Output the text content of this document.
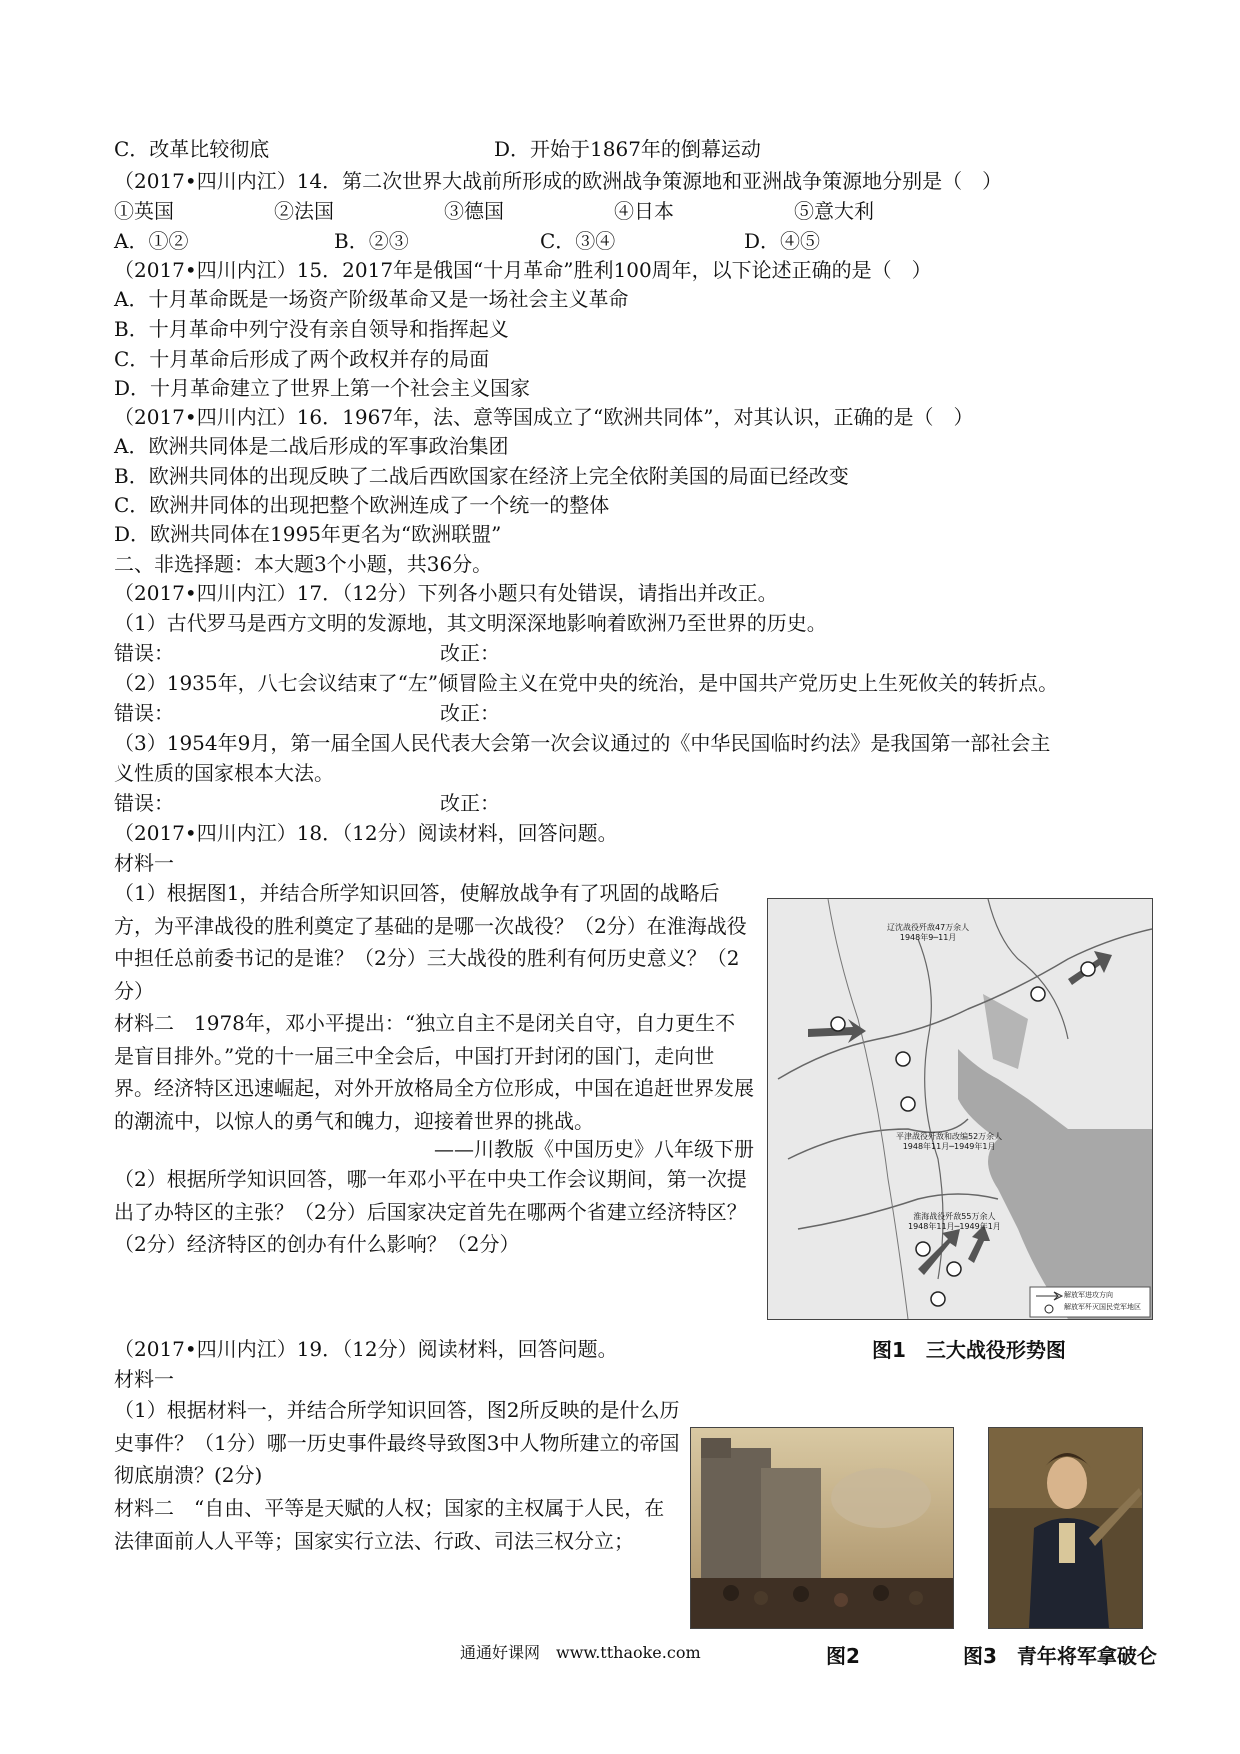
C．改革比较彻底	D．开始于1867年的倒幕运动
（2017•四川内江）14．第二次世界大战前所形成的欧洲战争策源地和亚洲战争策源地分别是（　）
①英国	②法国	③德国	④日本	⑤意大利
A．①②	B．②③	C．③④	D．④⑤
（2017•四川内江）15．2017年是俄国“十月革命”胜利100周年，以下论述正确的是（　）
A．十月革命既是一场资产阶级革命又是一场社会主义革命
B．十月革命中列宁没有亲自领导和指挥起义
C．十月革命后形成了两个政权并存的局面
D．十月革命建立了世界上第一个社会主义国家
（2017•四川内江）16．1967年，法、意等国成立了“欧洲共同体”，对其认识，正确的是（　）
A．欧洲共同体是二战后形成的军事政治集团
B．欧洲共同体的出现反映了二战后西欧国家在经济上完全依附美国的局面已经改变
C．欧洲井同体的出现把整个欧洲连成了一个统一的整体
D．欧洲共同体在1995年更名为“欧洲联盟”
二、非选择题：本大题3个小题，共36分。
（2017•四川内江）17．（12分）下列各小题只有处错误，请指出并改正。
（1）古代罗马是西方文明的发源地，其文明深深地影响着欧洲乃至世界的历史。
错误：	改正：
（2）1935年，八七会议结束了“左”倾冒险主义在党中央的统治，是中国共产党历史上生死攸关的转折点。
错误：	改正：
（3）1954年9月，第一届全国人民代表大会第一次会议通过的《中华民国临时约法》是我国第一部社会主
义性质的国家根本大法。
错误：	改正：
（2017•四川内江）18．（12分）阅读材料，回答问题。
材料一
（1）根据图1，并结合所学知识回答，使解放战争有了巩固的战略后方，为平津战役的胜利奠定了基础的是哪一次战役？（2分）在淮海战役中担任总前委书记的是谁？（2分）三大战役的胜利有何历史意义？（2分）
材料二　1978年，邓小平提出：“独立自主不是闭关自守，自力更生不是盲目排外。”党的十一届三中全会后，中国打开封闭的国门，走向世界。经济特区迅速崛起，对外开放格局全方位形成，中国在追赶世界发展的潮流中，以惊人的勇气和魄力，迎接着世界的挑战。
——川教版《中国历史》八年级下册
（2）根据所学知识回答，哪一年邓小平在中央工作会议期间，第一次提出了办特区的主张？（2分）后国家决定首先在哪两个省建立经济特区？（2分）经济特区的创办有什么影响？（2分）
辽沈战役歼敌47万余人
1948年9─11月
平津战役歼敌和改编52万余人
1948年11月─1949年1月
淮海战役歼敌55万余人
1948年11月─1949年1月
解放军进攻方向
解放军歼灭国民党军地区
图1　三大战役形势图
（2017•四川内江）19．（12分）阅读材料，回答问题。
材料一
（1）根据材料一，并结合所学知识回答，图2所反映的是什么历史事件？（1分）哪一历史事件最终导致图3中人物所建立的帝国彻底崩溃？(2分)
材料二　“自由、平等是天赋的人权；国家的主权属于人民，在法律面前人人平等；国家实行立法、行政、司法三权分立；
图2	图3　青年将军拿破仑
通通好课网　www.tthaoke.com
